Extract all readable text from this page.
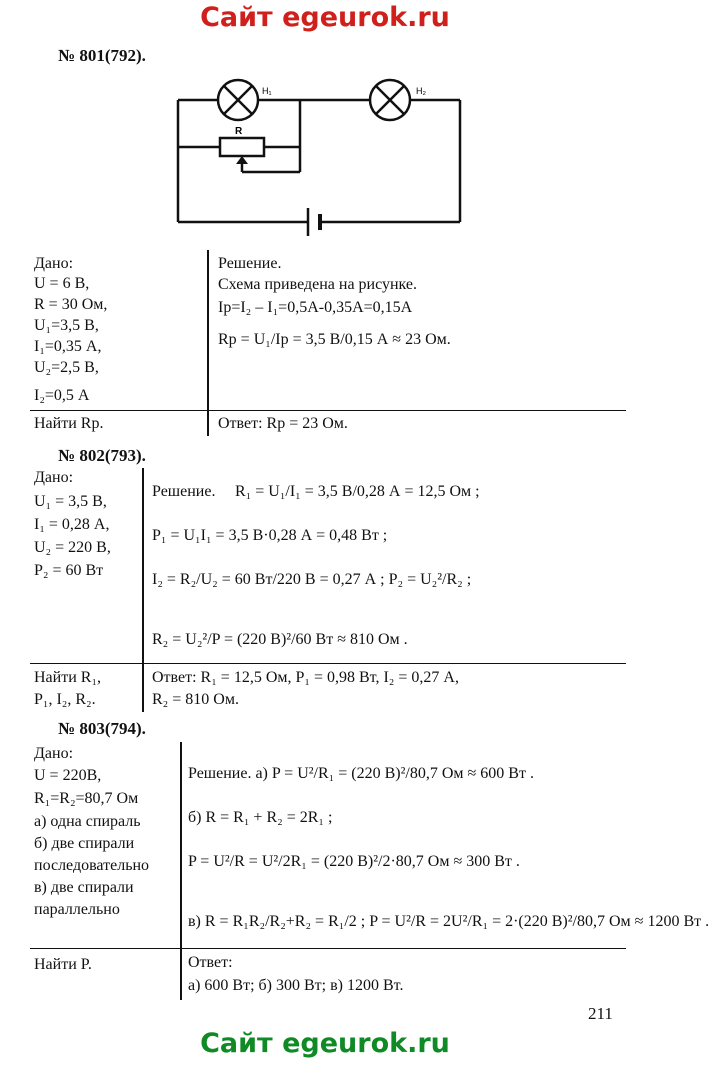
Сайт egeurok.ru
№ 801(792).
H₁	H₂
R
Дано:
U = 6 В,
R = 30 Ом,
U₁=3,5 В,
I₁=0,35 А,
U₂=2,5 В,
I₂=0,5 А
Найти Rр.
Решение.
Схема приведена на рисунке.
Iр=I₂ – I₁=0,5А-0,35А=0,15А
Rр = U₁/Iр = 3,5 В/0,15 А ≈ 23 Ом.
Ответ: Rр = 23 Ом.
№ 802(793).
Дано:
U₁ = 3,5 В,
I₁ = 0,28 А,
U₂ = 220 В,
P₂ = 60 Вт
Найти R₁,
P₁, I₂, R₂.
Решение. R₁ = U₁/I₁ = 3,5 В/0,28 А = 12,5 Ом ;
P₁ = U₁I₁ = 3,5 В·0,28 А = 0,48 Вт ;
I₂ = R₂/U₂ = 60 Вт/220 В = 0,27 А ; P₂ = U₂²/R₂ ;
R₂ = U₂²/P = (220 В)²/60 Вт ≈ 810 Ом .
Ответ: R₁ = 12,5 Ом, P₁ = 0,98 Вт, I₂ = 0,27 А,
R₂ = 810 Ом.
№ 803(794).
Дано:
U = 220В,
R₁=R₂=80,7 Ом
а) одна спираль
б) две спирали
последовательно
в) две спирали
параллельно
Найти P.
Решение. а) P = U²/R₁ = (220 В)²/80,7 Ом ≈ 600 Вт .
б) R = R₁ + R₂ = 2R₁ ;
P = U²/R = U²/2R₁ = (220 В)²/2·80,7 Ом ≈ 300 Вт .
в) R = R₁R₂/R₂+R₂ = R₁/2 ; P = U²/R = 2U²/R₁ = 2·(220 В)²/80,7 Ом ≈ 1200 Вт .
Ответ:
а) 600 Вт; б) 300 Вт; в) 1200 Вт.
211
Сайт egeurok.ru
